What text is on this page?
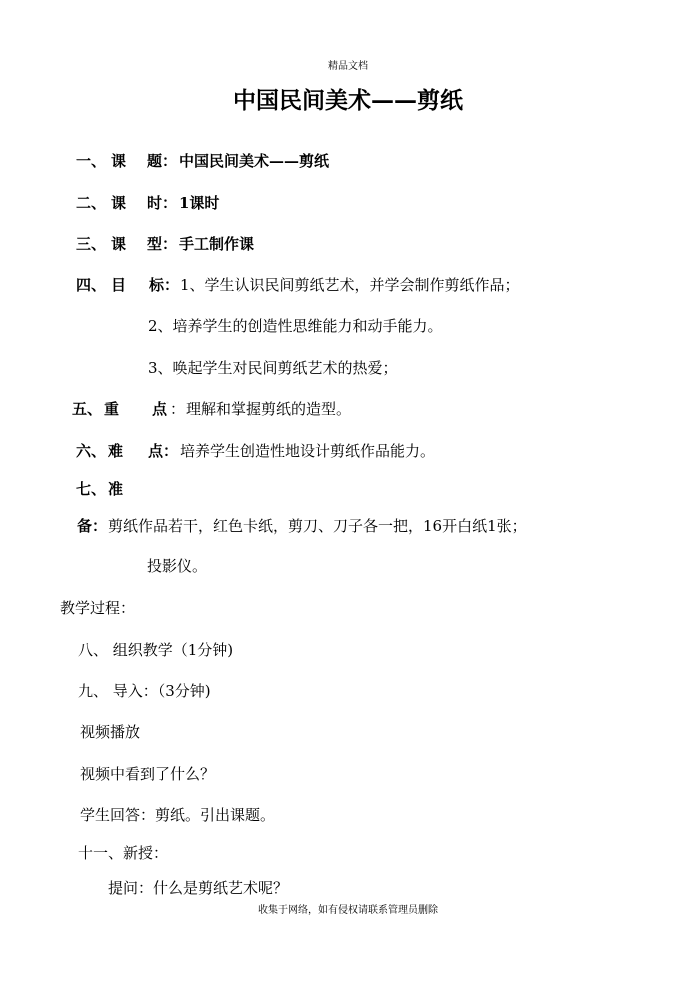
精品文档
中国民间美术——剪纸
一、 课 题 ： 中国民间美术——剪纸
二、 课 时 ： 1课时
三、 课 型 ： 手工制作课
四、 目 标 ： 1、学生认识民间剪纸艺术，并学会制作剪纸作品；
2、培养学生的创造性思维能力和动手能力。
3、唤起学生对民间剪纸艺术的热爱；
五、 重 点 ： 理解和掌握剪纸的造型。
六、 难 点 ： 培养学生创造性地设计剪纸作品能力。
七、 准
备 ： 剪纸作品若干，红色卡纸，剪刀、刀子各一把，16开白纸1张；
投影仪。
教学过程：
八、 组织教学（1分钟)
九、 导入：（3分钟)
视频播放
视频中看到了什么？
学生回答：剪纸。引出课题。
十一、新授：
提问：什么是剪纸艺术呢？
收集于网络，如有侵权请联系管理员删除
